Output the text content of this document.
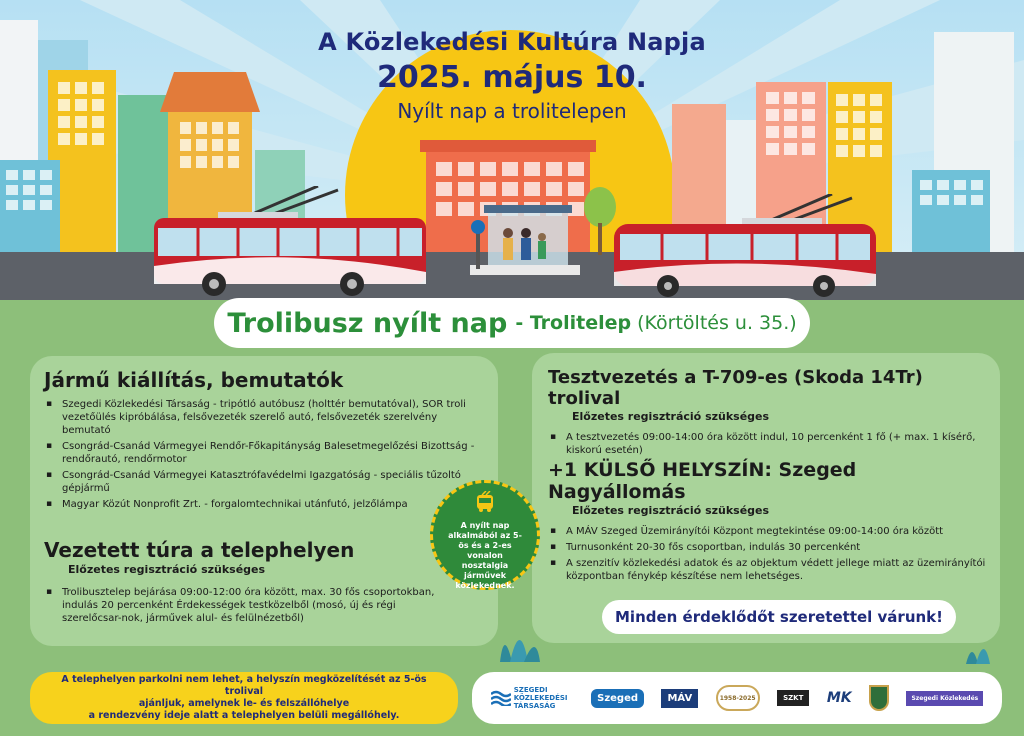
A Közlekedési Kultúra Napja
2025. május 10.
Nyílt nap a trolitelepen
Trolibusz nyílt nap - Trolitelep (Körtöltés u. 35.)
Jármű kiállítás, bemutatók
▪ Szegedi Közlekedési Társaság - tripótló autóbusz (holttér bemutatóval), SOR troli vezetőülés kipróbálása, felsővezeték szerelő autó, felsővezeték szerelvény bemutató
▪ Csongrád-Csanád Vármegyei Rendőr-Főkapitányság Balesetmegelőzési Bizottság - rendőrautó, rendőrmotor
▪ Csongrád-Csanád Vármegyei Katasztrófavédelmi Igazgatóság - speciális tűzoltó gépjármű
▪ Magyar Közút Nonprofit Zrt. - forgalomtechnikai utánfutó, jelzőlámpa
Vezetett túra a telephelyen
Előzetes regisztráció szükséges
▪ Trolibusztelep bejárása 09:00-12:00 óra között, max. 30 fős csoportokban, indulás 20 percenként Érdekességek testközelből (mosó, új és régi szerelőcsar-nok, járművek alul- és felülnézetből)
Tesztvezetés a T-709-es (Skoda 14Tr) trolival
Előzetes regisztráció szükséges
▪ A tesztvezetés 09:00-14:00 óra között indul, 10 percenként 1 fő (+ max. 1 kísérő, kiskorú esetén)
+1 KÜLSŐ HELYSZÍN: Szeged Nagyállomás
Előzetes regisztráció szükséges
▪ A MÁV Szeged Üzemirányítói Központ megtekintése 09:00-14:00 óra között
▪ Turnusonként 20-30 fős csoportban, indulás 30 percenként
▪ A szenzitív közlekedési adatok és az objektum védett jellege miatt az üzemirányítói központban fénykép készítése nem lehetséges.
Minden érdeklődőt szeretettel várunk!
A nyílt nap alkalmából az 5-ös és a 2-es vonalon nosztalgia járművek közlekednek.
A telephelyen parkolni nem lehet, a helyszín megközelítését az 5-ös trolival
ajánljuk, amelynek le- és felszállóhelye
a rendezvény ideje alatt a telephelyen belüli megállóhely.
SZEGEDI KÖZLEKEDÉSI TÁRSASÁG
Szeged	MÁV	1958-2025	SZKT	MK	Szegedi Közlekedés
